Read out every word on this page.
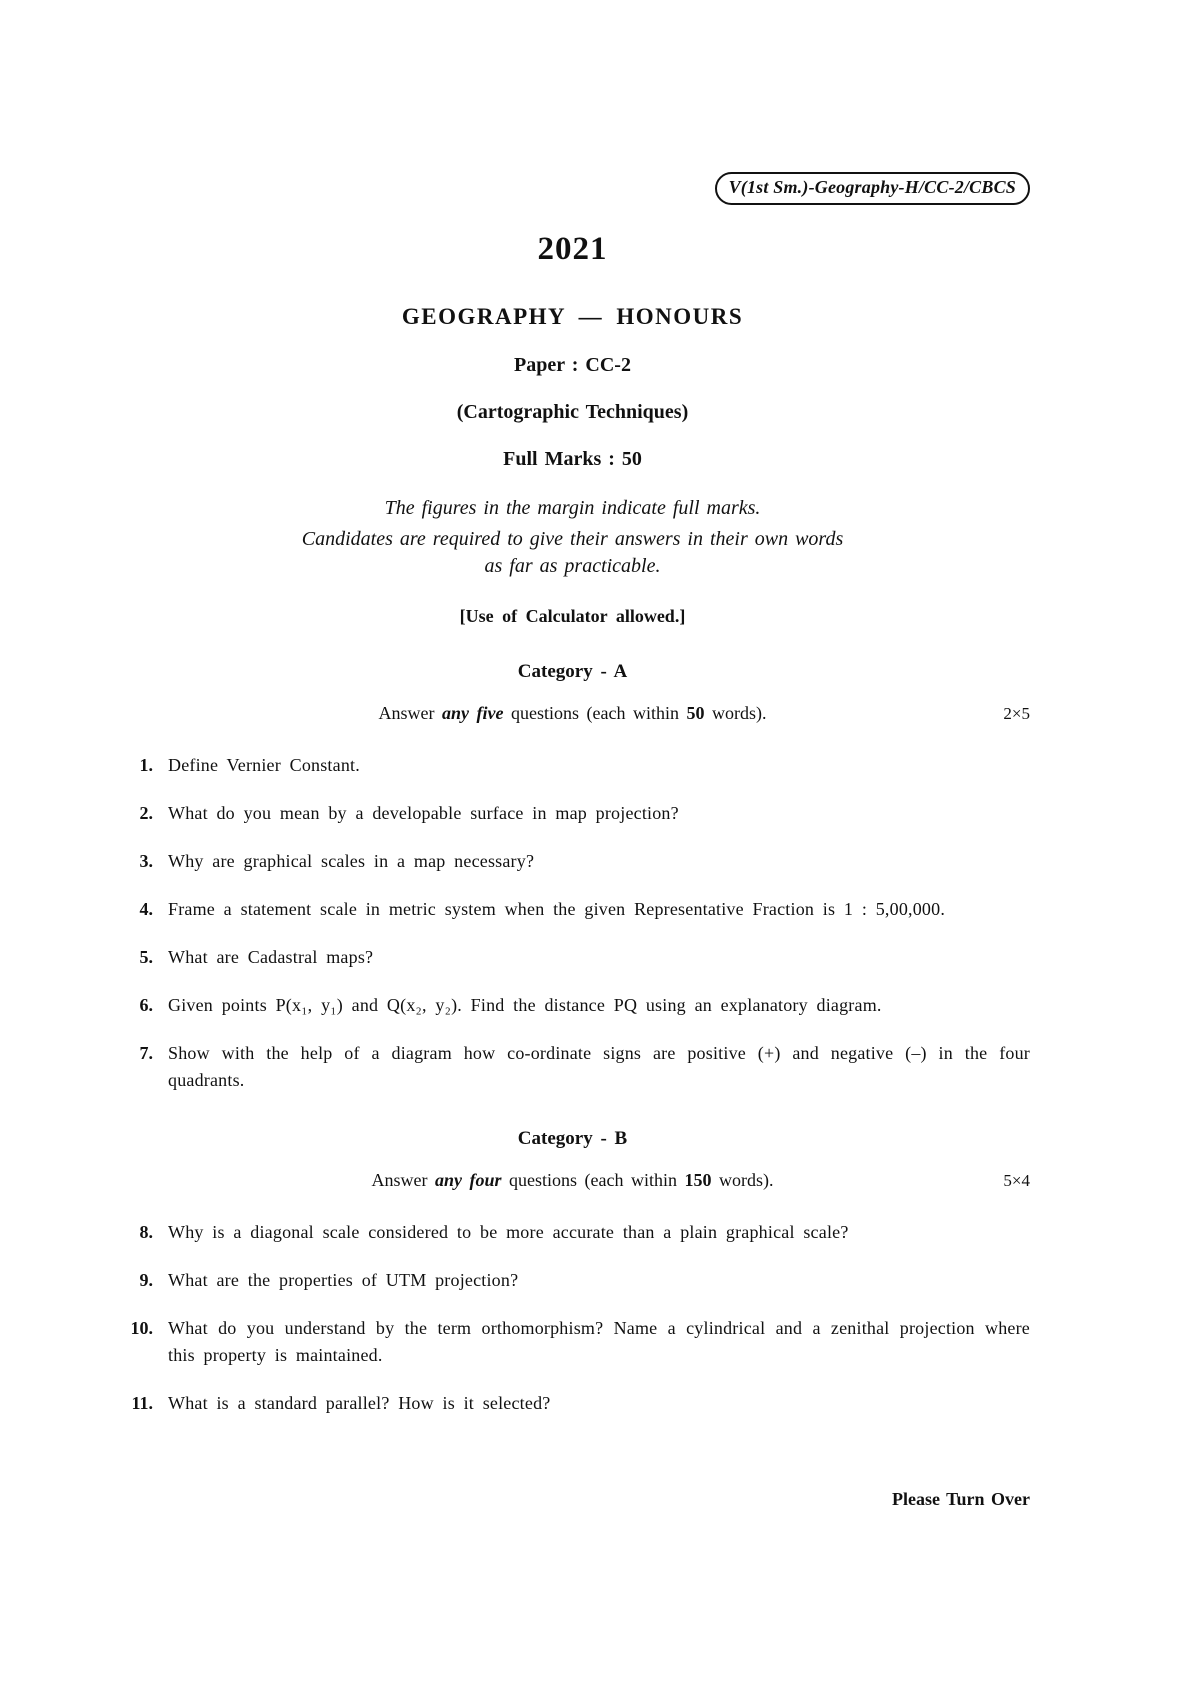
V(1st Sm.)-Geography-H/CC-2/CBCS
2021
GEOGRAPHY — HONOURS
Paper : CC-2
(Cartographic Techniques)
Full Marks : 50
The figures in the margin indicate full marks.
Candidates are required to give their answers in their own words
as far as practicable.
[Use of Calculator allowed.]
Category - A
Answer any five questions (each within 50 words).	2×5
1. Define Vernier Constant.
2. What do you mean by a developable surface in map projection?
3. Why are graphical scales in a map necessary?
4. Frame a statement scale in metric system when the given Representative Fraction is 1 : 5,00,000.
5. What are Cadastral maps?
6. Given points P(x₁, y₁) and Q(x₂, y₂). Find the distance PQ using an explanatory diagram.
7. Show with the help of a diagram how co-ordinate signs are positive (+) and negative (–) in the four quadrants.
Category - B
Answer any four questions (each within 150 words).	5×4
8. Why is a diagonal scale considered to be more accurate than a plain graphical scale?
9. What are the properties of UTM projection?
10. What do you understand by the term orthomorphism? Name a cylindrical and a zenithal projection where this property is maintained.
11. What is a standard parallel? How is it selected?
Please Turn Over
